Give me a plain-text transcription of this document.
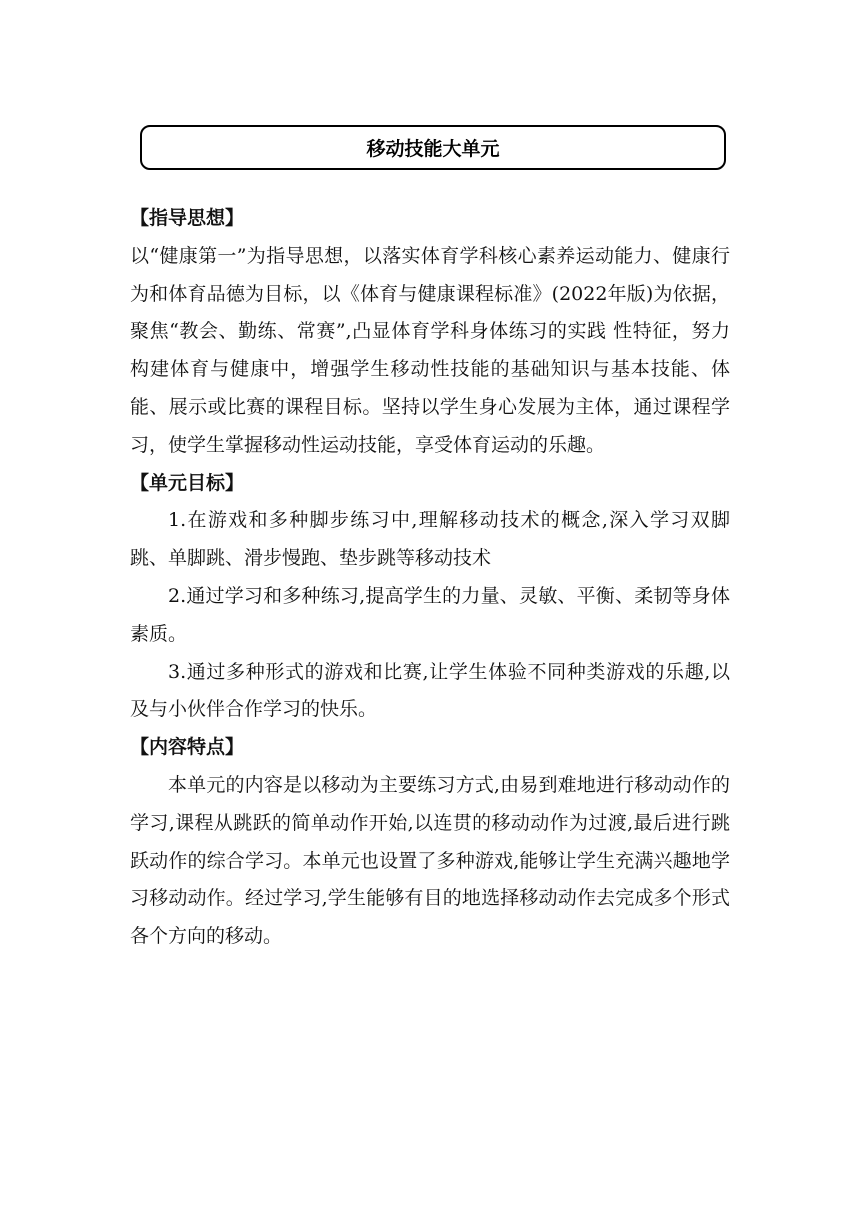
移动技能大单元
【指导思想】

以“健康第一”为指导思想，以落实体育学科核心素养运动能力、健康行为和体育品德为目标，以《体育与健康课程标准》(2022年版)为依据，聚焦“教会、勤练、常赛”,凸显体育学科身体练习的实践 性特征，努力构建体育与健康中，增强学生移动性技能的基础知识与基本技能、体能、展示或比赛的课程目标。坚持以学生身心发展为主体，通过课程学习，使学生掌握移动性运动技能，享受体育运动的乐趣。

【单元目标】

1.在游戏和多种脚步练习中,理解移动技术的概念,深入学习双脚跳、单脚跳、滑步慢跑、垫步跳等移动技术

2.通过学习和多种练习,提高学生的力量、灵敏、平衡、柔韧等身体素质。

3.通过多种形式的游戏和比赛,让学生体验不同种类游戏的乐趣,以及与小伙伴合作学习的快乐。

【内容特点】

本单元的内容是以移动为主要练习方式,由易到难地进行移动动作的学习,课程从跳跃的简单动作开始,以连贯的移动动作为过渡,最后进行跳跃动作的综合学习。本单元也设置了多种游戏,能够让学生充满兴趣地学习移动动作。经过学习,学生能够有目的地选择移动动作去完成多个形式各个方向的移动。
